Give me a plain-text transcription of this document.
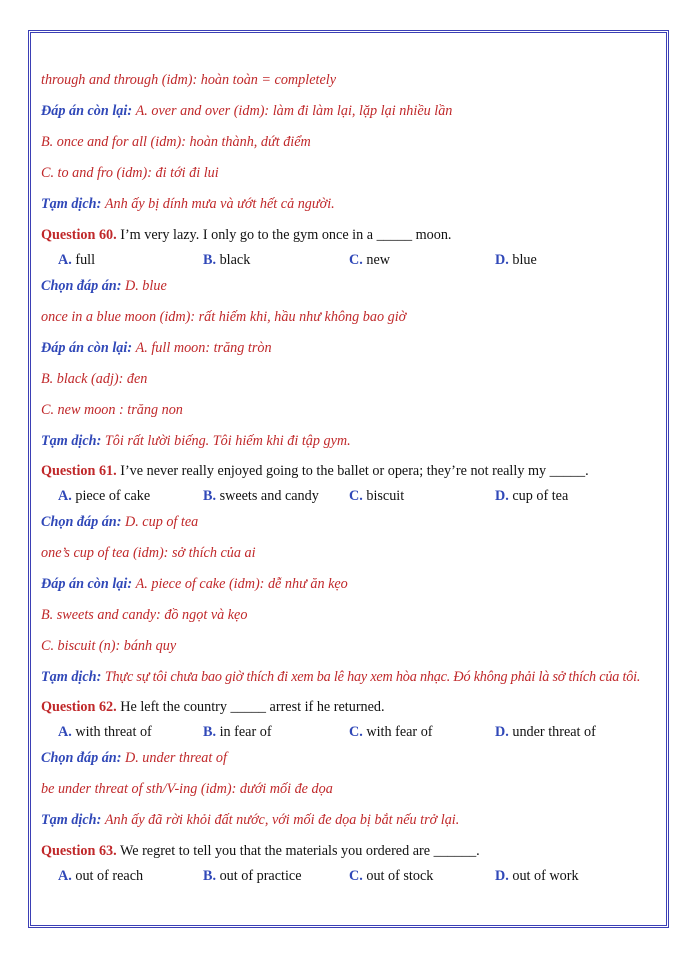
through and through (idm): hoàn toàn = completely
Đáp án còn lại: A. over and over (idm): làm đi làm lại, lặp lại nhiều lần
B. once and for all (idm): hoàn thành, dứt điểm
C. to and fro (idm): đi tới đi lui
Tạm dịch: Anh ấy bị dính mưa và ướt hết cả người.
Question 60. I’m very lazy. I only go to the gym once in a _____ moon.
A. full	B. black	C. new	D. blue
Chọn đáp án: D. blue
once in a blue moon (idm): rất hiếm khi, hầu như không bao giờ
Đáp án còn lại: A. full moon: trăng tròn
B. black (adj): đen
C. new moon : trăng non
Tạm dịch: Tôi rất lười biếng. Tôi hiếm khi đi tập gym.
Question 61. I’ve never really enjoyed going to the ballet or opera; they’re not really my _____.
A. piece of cake	B. sweets and candy C. biscuit	D. cup of tea
Chọn đáp án: D. cup of tea
one’s cup of tea (idm): sở thích của ai
Đáp án còn lại: A. piece of cake (idm): dễ như ăn kẹo
B. sweets and candy: đồ ngọt và kẹo
C. biscuit (n): bánh quy
Tạm dịch: Thực sự tôi chưa bao giờ thích đi xem ba lê hay xem hòa nhạc. Đó không phải là sở thích của tôi.
Question 62. He left the country _____ arrest if he returned.
A. with threat of	B. in fear of	C. with fear of	D. under threat of
Chọn đáp án: D. under threat of
be under threat of sth/V-ing (idm): dưới mối đe dọa
Tạm dịch: Anh ấy đã rời khỏi đất nước, với mối đe dọa bị bắt nếu trở lại.
Question 63. We regret to tell you that the materials you ordered are ______.
A. out of reach	B. out of practice	C. out of stock	D. out of work
